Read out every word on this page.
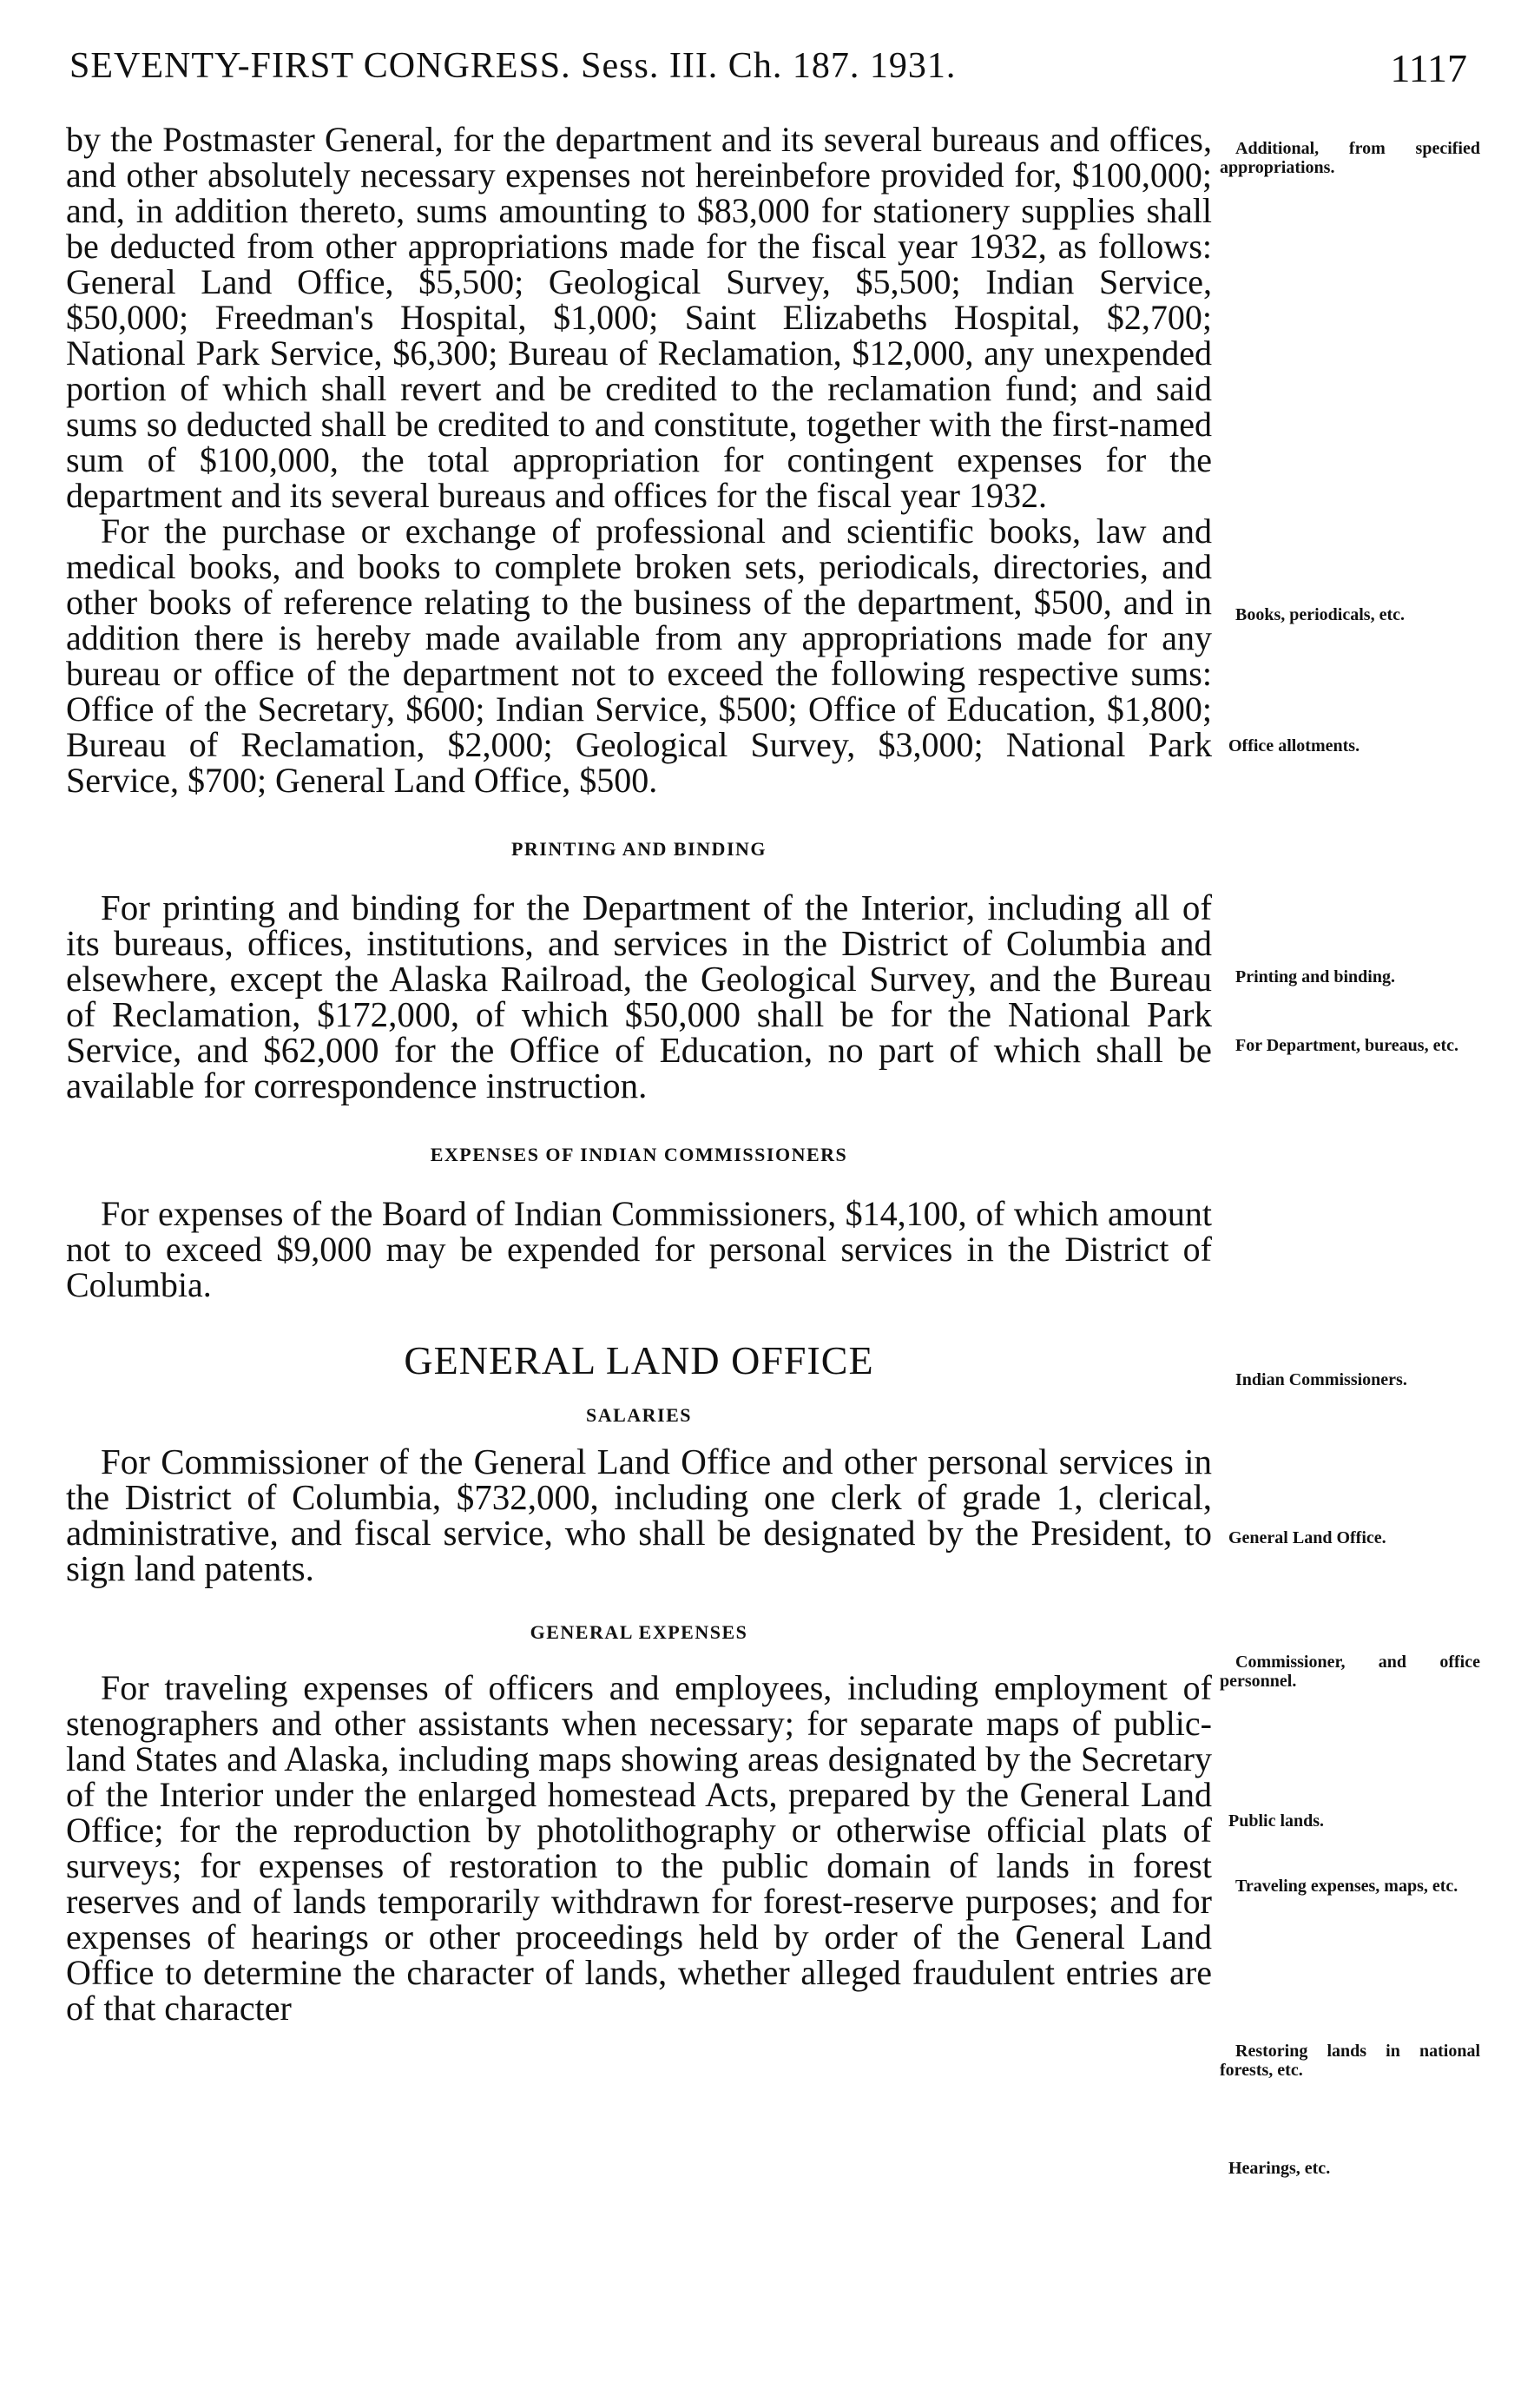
SEVENTY-FIRST CONGRESS. Sess. III. Ch. 187. 1931.	1117

by the Postmaster General, for the department and its several bureaus and offices, and other absolutely necessary expenses not hereinbefore provided for, $100,000; and, in addition thereto, sums amounting to $83,000 for stationery supplies shall be deducted from other appropriations made for the fiscal year 1932, as follows: General Land Office, $5,500; Geological Survey, $5,500; Indian Service, $50,000; Freedman's Hospital, $1,000; Saint Elizabeths Hospital, $2,700; National Park Service, $6,300; Bureau of Reclamation, $12,000, any unexpended portion of which shall revert and be credited to the reclamation fund; and said sums so deducted shall be credited to and constitute, together with the first-named sum of $100,000, the total appropriation for contingent expenses for the department and its several bureaus and offices for the fiscal year 1932.

For the purchase or exchange of professional and scientific books, law and medical books, and books to complete broken sets, periodicals, directories, and other books of reference relating to the business of the department, $500, and in addition there is hereby made available from any appropriations made for any bureau or office of the department not to exceed the following respective sums: Office of the Secretary, $600; Indian Service, $500; Office of Education, $1,800; Bureau of Reclamation, $2,000; Geological Survey, $3,000; National Park Service, $700; General Land Office, $500.

PRINTING AND BINDING

For printing and binding for the Department of the Interior, including all of its bureaus, offices, institutions, and services in the District of Columbia and elsewhere, except the Alaska Railroad, the Geological Survey, and the Bureau of Reclamation, $172,000, of which $50,000 shall be for the National Park Service, and $62,000 for the Office of Education, no part of which shall be available for correspondence instruction.

EXPENSES OF INDIAN COMMISSIONERS

For expenses of the Board of Indian Commissioners, $14,100, of which amount not to exceed $9,000 may be expended for personal services in the District of Columbia.

GENERAL LAND OFFICE

SALARIES

For Commissioner of the General Land Office and other personal services in the District of Columbia, $732,000, including one clerk of grade 1, clerical, administrative, and fiscal service, who shall be designated by the President, to sign land patents.

GENERAL EXPENSES

For traveling expenses of officers and employees, including employment of stenographers and other assistants when necessary; for separate maps of public-land States and Alaska, including maps showing areas designated by the Secretary of the Interior under the enlarged homestead Acts, prepared by the General Land Office; for the reproduction by photolithography or otherwise official plats of surveys; for expenses of restoration to the public domain of lands in forest reserves and of lands temporarily withdrawn for forest-reserve purposes; and for expenses of hearings or other proceedings held by order of the General Land Office to determine the character of lands, whether alleged fraudulent entries are of that character

Additional, from specified appropriations.
Books, periodicals, etc.
Office allotments.
Printing and binding.
For Department, bureaus, etc.
Indian Commissioners.
General Land Office.
Commissioner, and office personnel.
Public lands.
Traveling expenses, maps, etc.
Restoring lands in national forests, etc.
Hearings, etc.
